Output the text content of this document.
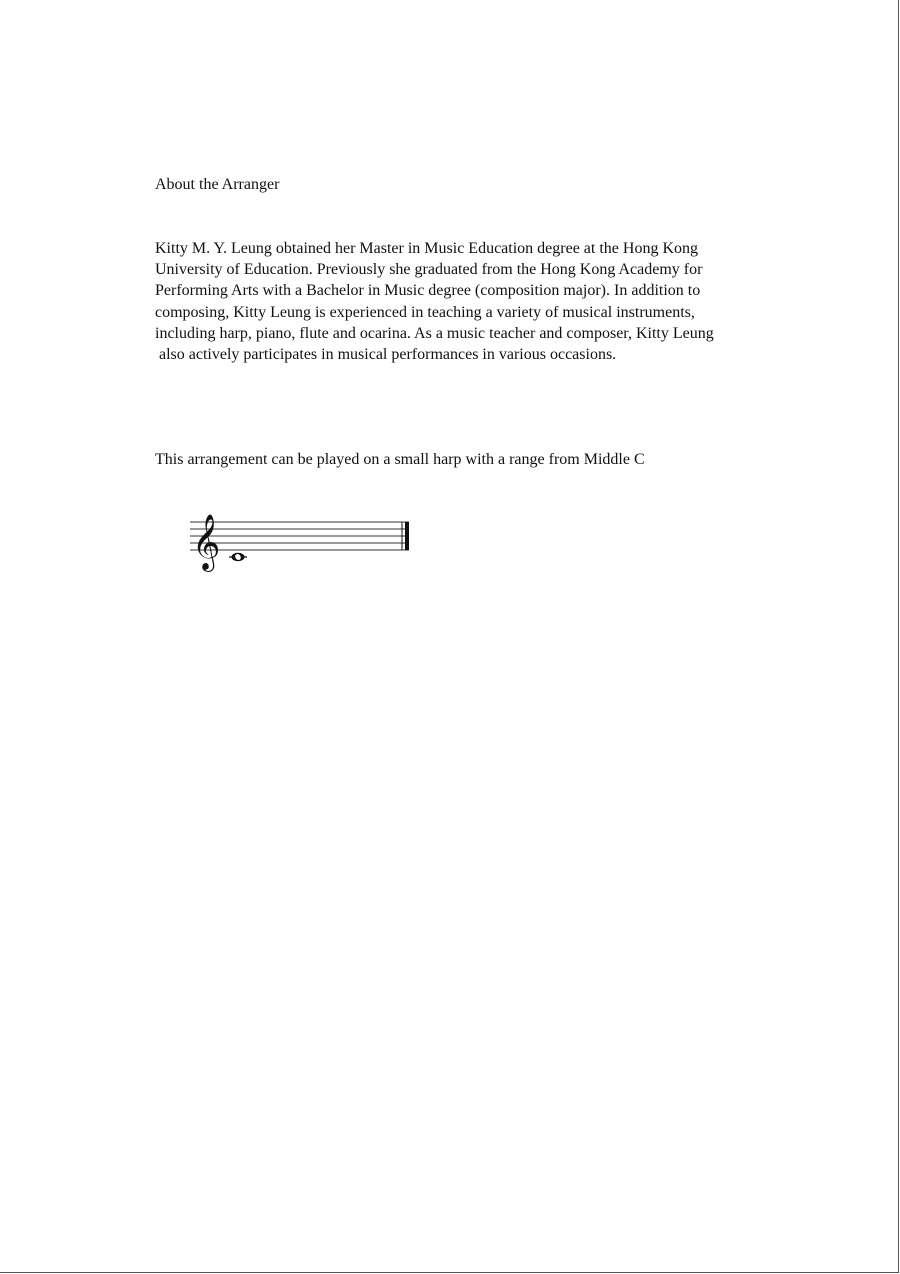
About the Arranger
Kitty M. Y. Leung obtained her Master in Music Education degree at the Hong Kong
University of Education. Previously she graduated from the Hong Kong Academy for
Performing Arts with a Bachelor in Music degree (composition major). In addition to
composing, Kitty Leung is experienced in teaching a variety of musical instruments,
including harp, piano, flute and ocarina. As a music teacher and composer, Kitty Leung
also actively participates in musical performances in various occasions.
This arrangement can be played on a small harp with a range from Middle C
𝄞
